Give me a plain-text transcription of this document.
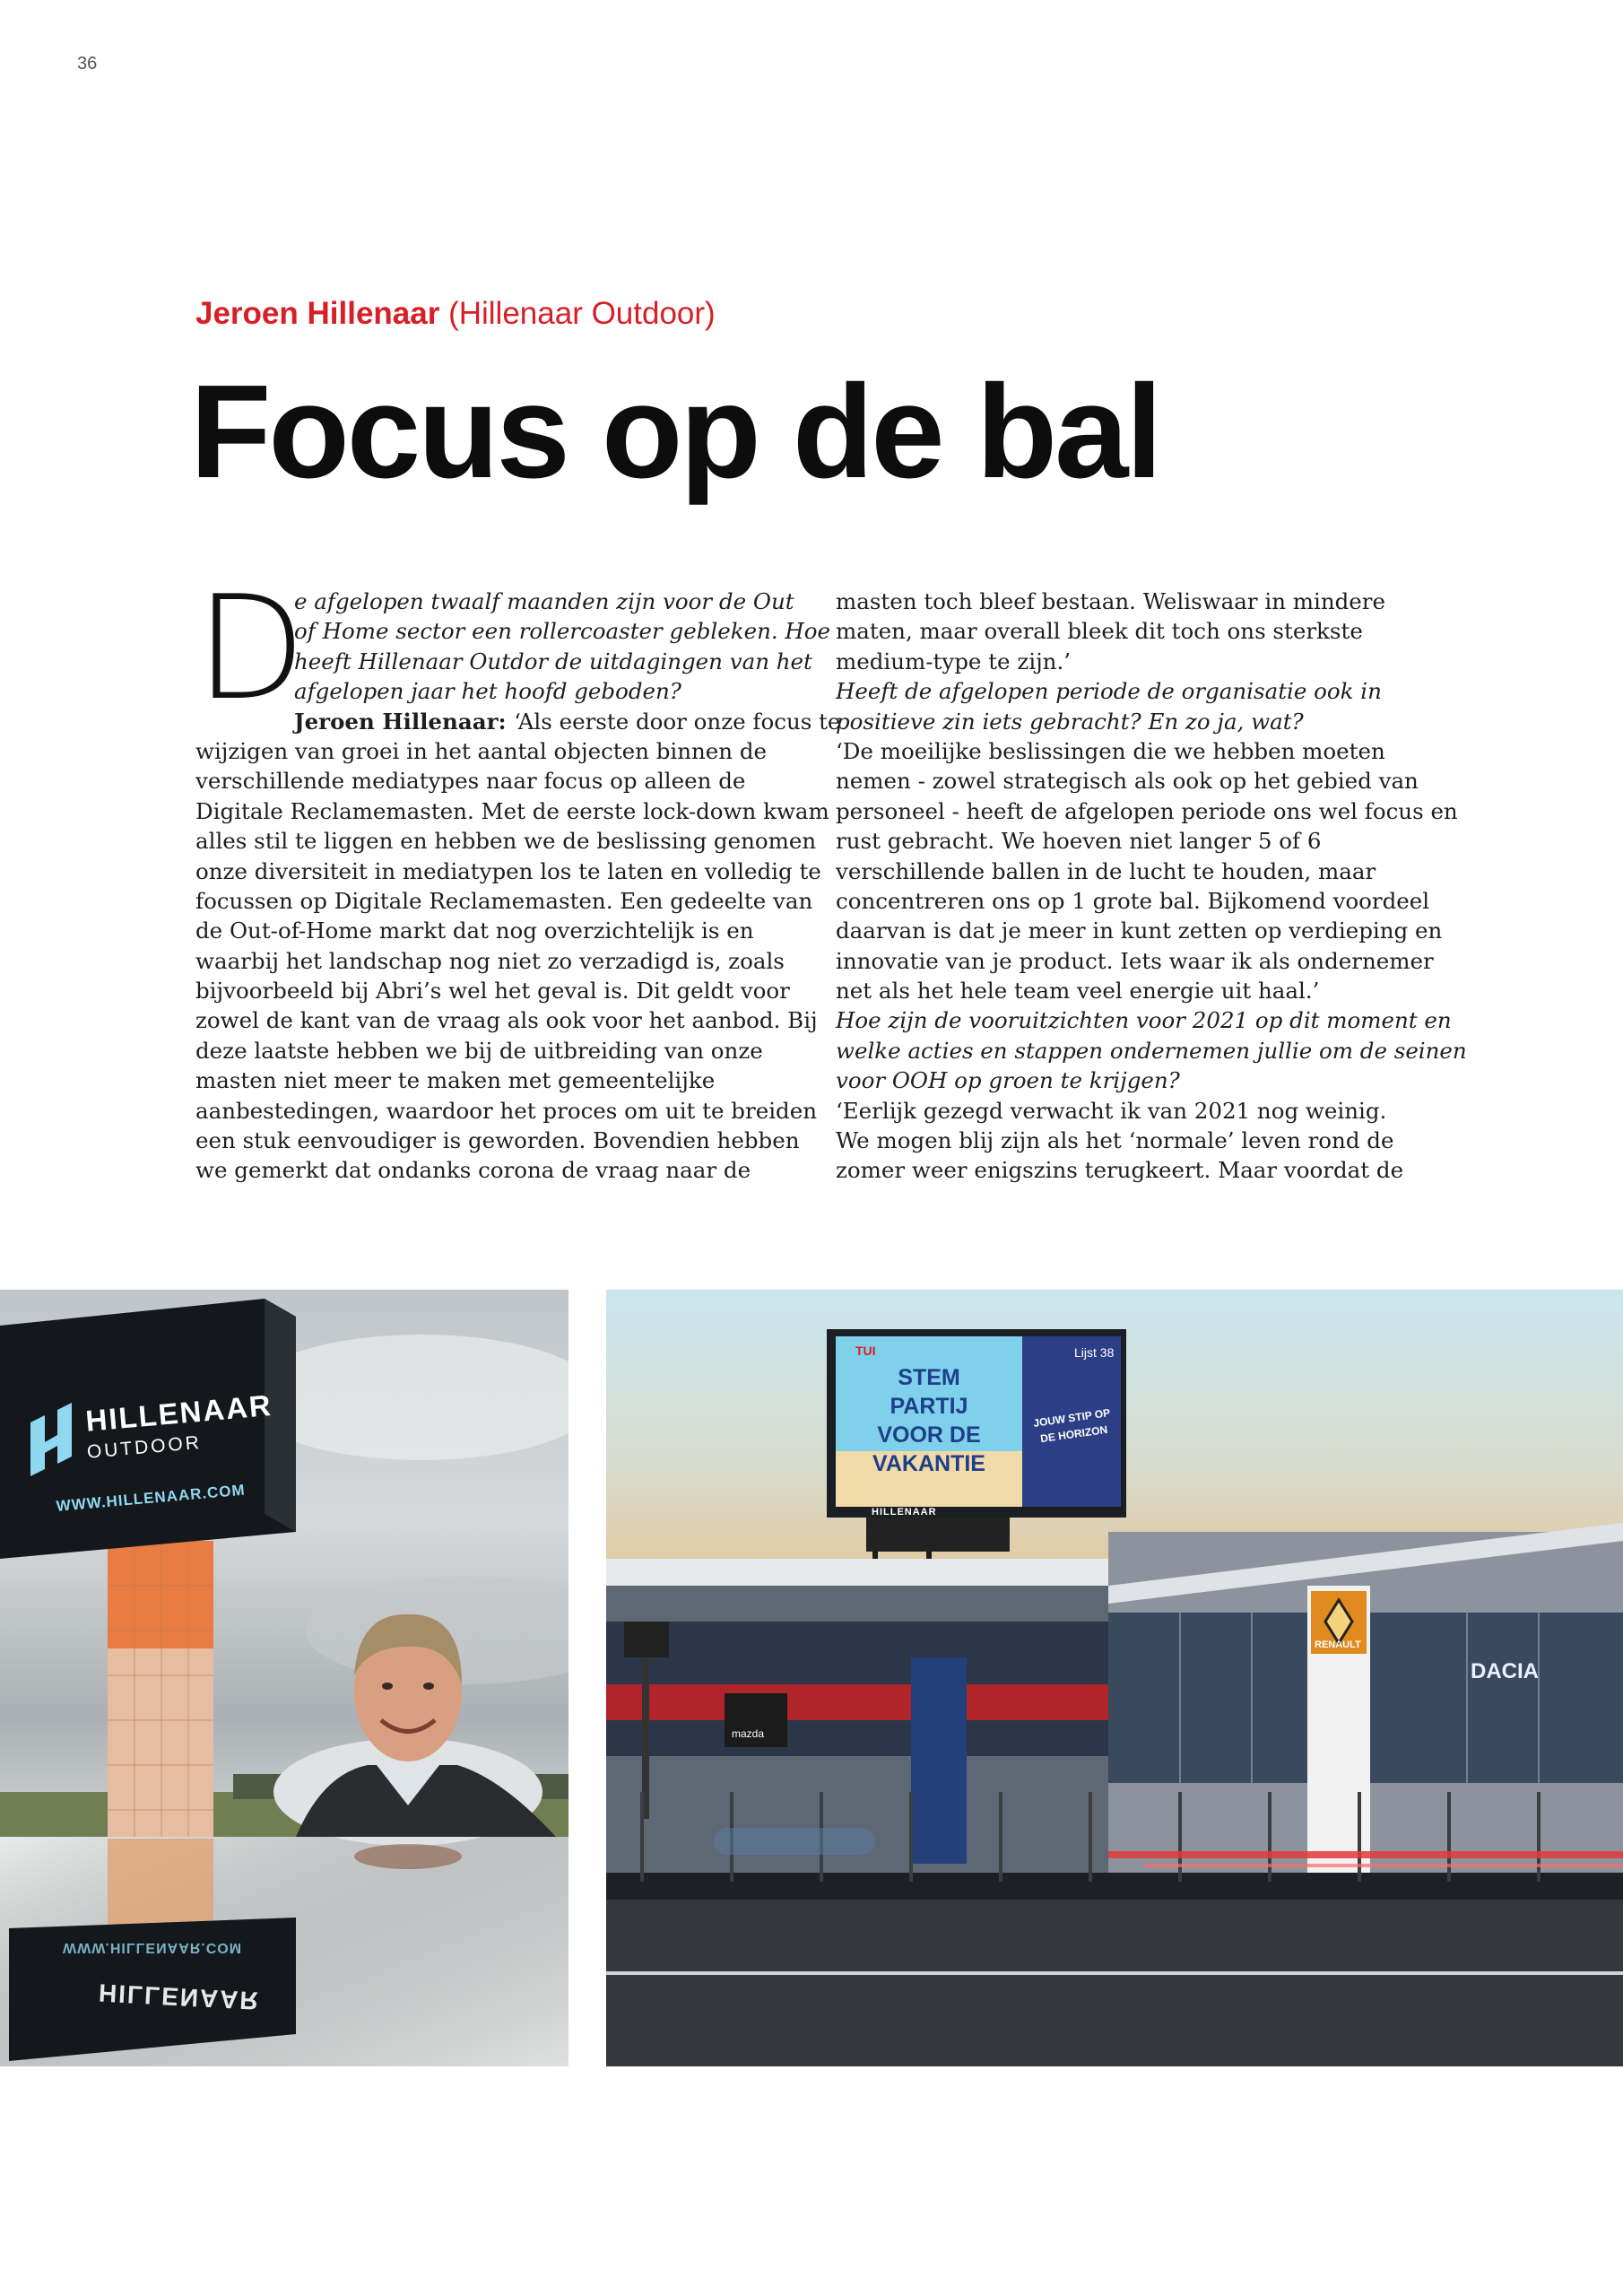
36
Jeroen Hillenaar (Hillenaar Outdoor)
Focus op de bal
D
e afgelopen twaalf maanden zijn voor de Out
of Home sector een rollercoaster gebleken. Hoe
heeft Hillenaar Outdor de uitdagingen van het
afgelopen jaar het hoofd geboden?
Jeroen Hillenaar: ‘Als eerste door onze focus te
wijzigen van groei in het aantal objecten binnen de
verschillende mediatypes naar focus op alleen de
Digitale Reclamemasten. Met de eerste lock-down kwam
alles stil te liggen en hebben we de beslissing genomen
onze diversiteit in mediatypen los te laten en volledig te
focussen op Digitale Reclamemasten. Een gedeelte van
de Out-of-Home markt dat nog overzichtelijk is en
waarbij het landschap nog niet zo verzadigd is, zoals
bijvoorbeeld bij Abri’s wel het geval is. Dit geldt voor
zowel de kant van de vraag als ook voor het aanbod. Bij
deze laatste hebben we bij de uitbreiding van onze
masten niet meer te maken met gemeentelijke
aanbestedingen, waardoor het proces om uit te breiden
een stuk eenvoudiger is geworden. Bovendien hebben
we gemerkt dat ondanks corona de vraag naar de
masten toch bleef bestaan. Weliswaar in mindere
maten, maar overall bleek dit toch ons sterkste
medium-type te zijn.’
Heeft de afgelopen periode de organisatie ook in
positieve zin iets gebracht? En zo ja, wat?
‘De moeilijke beslissingen die we hebben moeten
nemen - zowel strategisch als ook op het gebied van
personeel - heeft de afgelopen periode ons wel focus en
rust gebracht. We hoeven niet langer 5 of 6
verschillende ballen in de lucht te houden, maar
concentreren ons op 1 grote bal. Bijkomend voordeel
daarvan is dat je meer in kunt zetten op verdieping en
innovatie van je product. Iets waar ik als ondernemer
net als het hele team veel energie uit haal.’
Hoe zijn de vooruitzichten voor 2021 op dit moment en
welke acties en stappen ondernemen jullie om de seinen
voor OOH op groen te krijgen?
‘Eerlijk gezegd verwacht ik van 2021 nog weinig.
We mogen blij zijn als het ‘normale’ leven rond de
zomer weer enigszins terugkeert. Maar voordat de
HILLENAAR
OUTDOOR
WWW.HILLENAAR.COM
HILLENAAR
WWW.HILLENAAR.COM
TUI	Lijst 38
STEM
PARTIJ
VOOR DE
VAKANTIE
JOUW STIP OP
DE HORIZON
HILLENAAR
RENAULT
DACIA
mazda
